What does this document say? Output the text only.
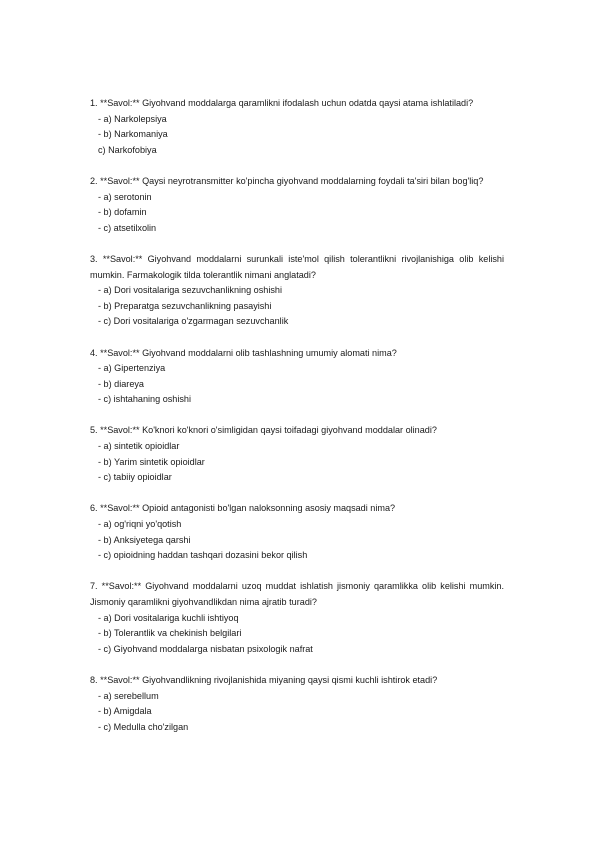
1. **Savol:** Giyohvand moddalarga qaramlikni ifodalash uchun odatda qaysi atama ishlatiladi?

- a) Narkolepsiya

- b) Narkomaniya

c) Narkofobiya

2. **Savol:** Qaysi neyrotransmitter ko'pincha giyohvand moddalarning foydali ta'siri bilan bog'liq?

- a) serotonin

- b) dofamin

- c) atsetilxolin

3. **Savol:** Giyohvand moddalarni surunkali iste'mol qilish tolerantlikni rivojlanishiga olib kelishi mumkin. Farmakologik tilda tolerantlik nimani anglatadi?

- a) Dori vositalariga sezuvchanlikning oshishi

- b) Preparatga sezuvchanlikning pasayishi

- c) Dori vositalariga o'zgarmagan sezuvchanlik

4. **Savol:** Giyohvand moddalarni olib tashlashning umumiy alomati nima?

- a) Gipertenziya

- b) diareya

- c) ishtahaning oshishi

5. **Savol:** Ko'knori ko'knori o'simligidan qaysi toifadagi giyohvand moddalar olinadi?

- a) sintetik opioidlar

- b) Yarim sintetik opioidlar

- c) tabiiy opioidlar

6. **Savol:** Opioid antagonisti bo'lgan naloksonning asosiy maqsadi nima?

- a) og'riqni yo'qotish

- b) Anksiyetega qarshi

- c) opioidning haddan tashqari dozasini bekor qilish

7. **Savol:** Giyohvand moddalarni uzoq muddat ishlatish jismoniy qaramlikka olib kelishi mumkin. Jismoniy qaramlikni giyohvandlikdan nima ajratib turadi?

- a) Dori vositalariga kuchli ishtiyoq

- b) Tolerantlik va chekinish belgilari

- c) Giyohvand moddalarga nisbatan psixologik nafrat

8. **Savol:** Giyohvandlikning rivojlanishida miyaning qaysi qismi kuchli ishtirok etadi?

- a) serebellum

- b) Amigdala

- c) Medulla cho'zilgan
